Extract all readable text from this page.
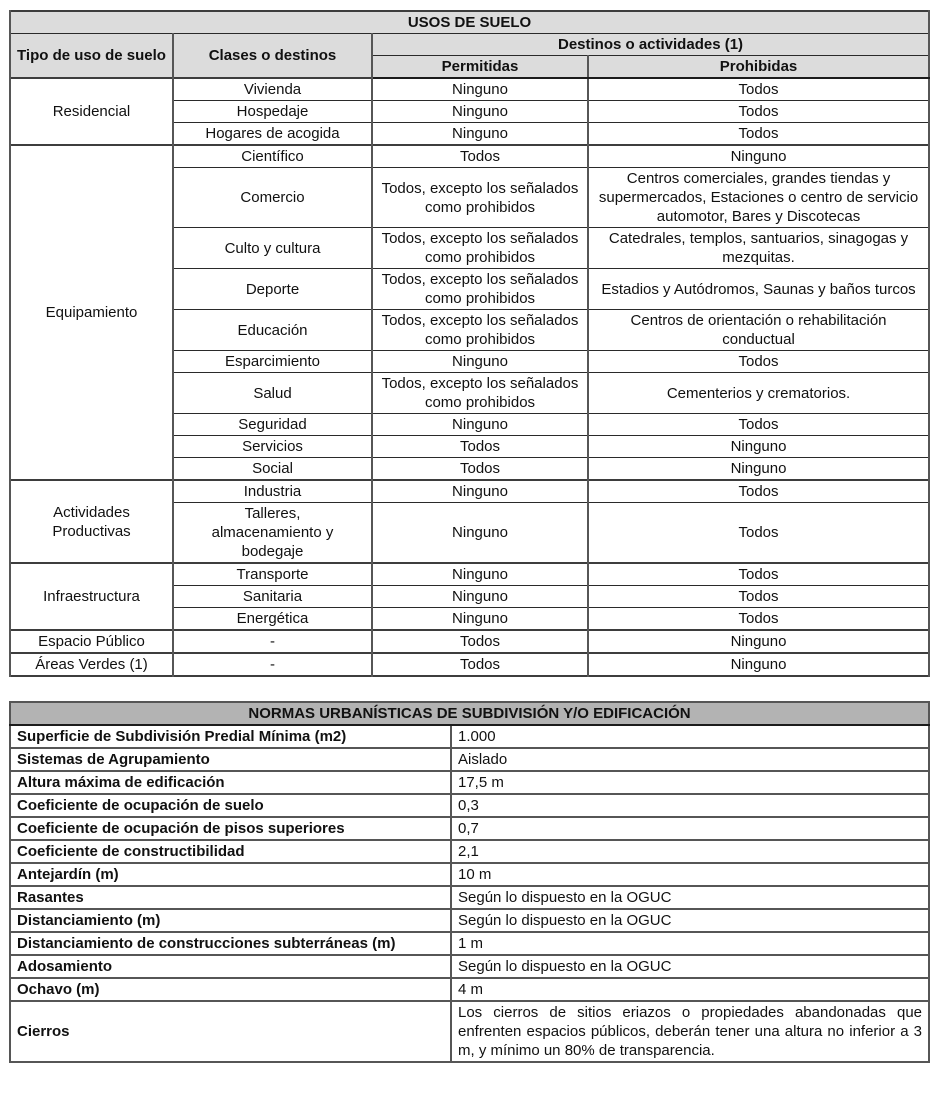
USOS DE SUELO			
Tipo de uso de suelo	Clases o destinos	Destinos o actividades (1)	
		Permitidas	Prohibidas
Residencial	Vivienda	Ninguno	Todos
	Hospedaje	Ninguno	Todos
	Hogares de acogida	Ninguno	Todos
Equipamiento	Científico	Todos	Ninguno
	Comercio	Todos, excepto los señalados como prohibidos	Centros comerciales, grandes tiendas y supermercados, Estaciones o centro de servicio automotor, Bares y Discotecas
	Culto y cultura	Todos, excepto los señalados como prohibidos	Catedrales, templos, santuarios, sinagogas y mezquitas.
	Deporte	Todos, excepto los señalados como prohibidos	Estadios y Autódromos, Saunas y baños turcos
	Educación	Todos, excepto los señalados como prohibidos	Centros de orientación o rehabilitación conductual
	Esparcimiento	Ninguno	Todos
	Salud	Todos, excepto los señalados como prohibidos	Cementerios y crematorios.
	Seguridad	Ninguno	Todos
	Servicios	Todos	Ninguno
	Social	Todos	Ninguno
Actividades Productivas	Industria	Ninguno	Todos
	Talleres, almacenamiento y bodegaje	Ninguno	Todos
Infraestructura	Transporte	Ninguno	Todos
	Sanitaria	Ninguno	Todos
	Energética	Ninguno	Todos
Espacio Público	-	Todos	Ninguno
Áreas Verdes (1)	-	Todos	Ninguno
NORMAS URBANÍSTICAS DE SUBDIVISIÓN Y/O EDIFICACIÓN	
Superficie de Subdivisión Predial Mínima (m2)	1.000
Sistemas de Agrupamiento	Aislado
Altura máxima de edificación	17,5 m
Coeficiente de ocupación de suelo	0,3
Coeficiente de ocupación de pisos superiores	0,7
Coeficiente de constructibilidad	2,1
Antejardín (m)	10 m
Rasantes	Según lo dispuesto en la OGUC
Distanciamiento (m)	Según lo dispuesto en la OGUC
Distanciamiento de construcciones subterráneas (m)	1 m
Adosamiento	Según lo dispuesto en la OGUC
Ochavo (m)	4 m
Cierros	Los cierros de sitios eriazos o propiedades abandonadas que enfrenten espacios públicos, deberán tener una altura no inferior a 3 m, y mínimo un 80% de transparencia.
